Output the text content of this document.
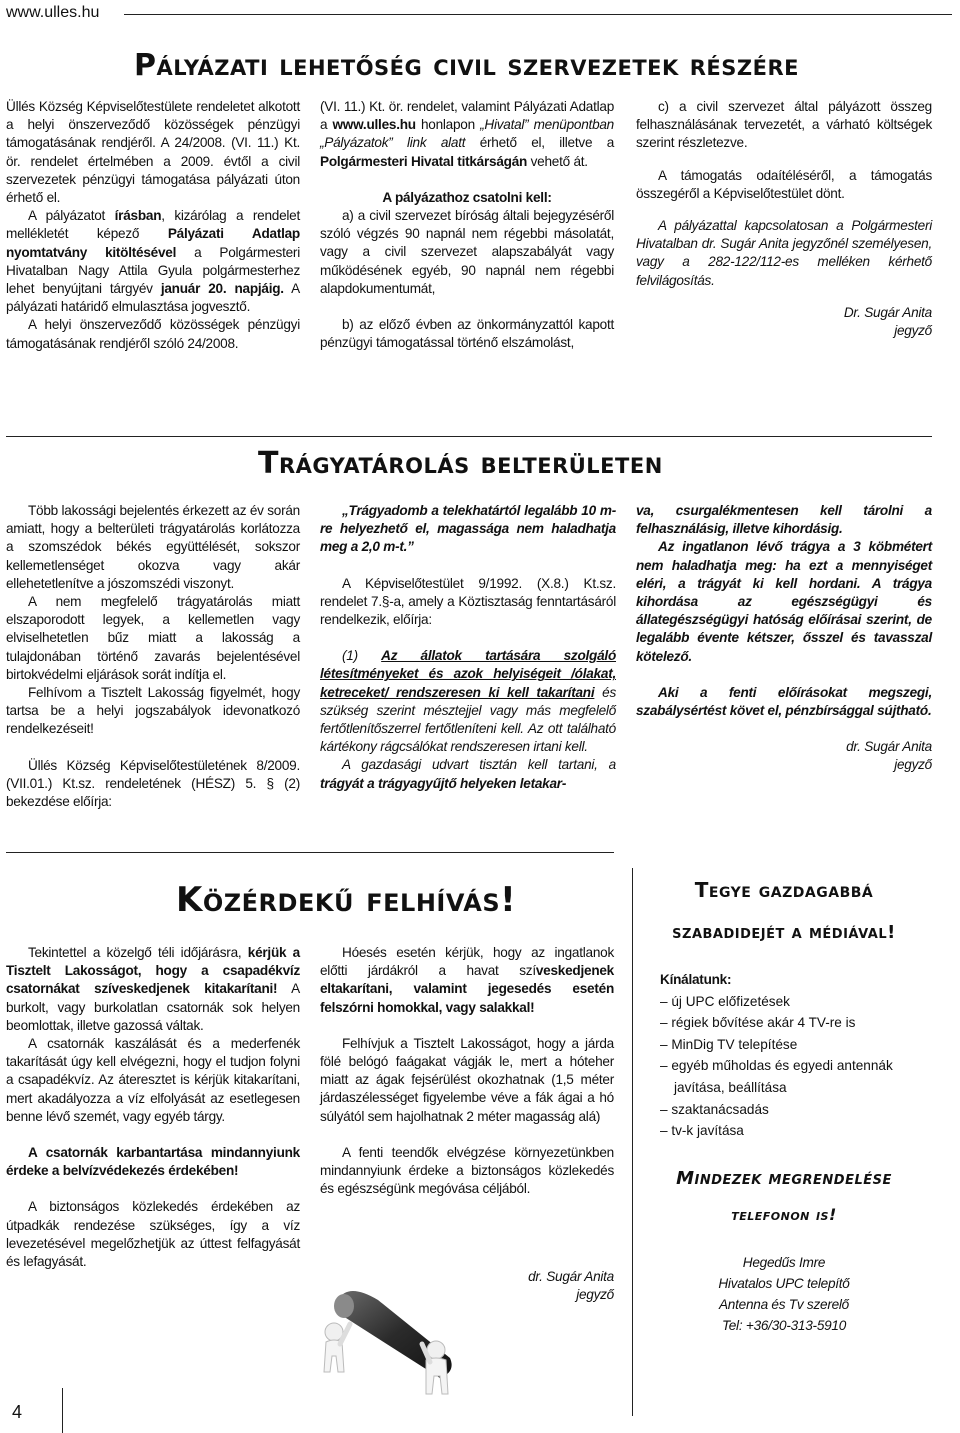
www.ulles.hu
Pályázati lehetőség civil szervezetek részére

Üllés Község Képviselőtestülete rendeletet alkotott a helyi önszerveződő közösségek pénzügyi támogatásának rendjéről. A 24/2008. (VI. 11.) Kt. ör. rendelet értelmében a 2009. évtől a civil szervezetek pénzügyi támogatása pályázati úton érhető el.

A pályázatot írásban, kizárólag a rendelet mellékletét képező Pályázati Adatlap nyomtatvány kitöltésével a Polgármesteri Hivatalban Nagy Attila Gyula polgármesterhez lehet benyújtani tárgyév január 20. napjáig. A pályázati határidő elmulasztása jogvesztő.

A helyi önszerveződő közösségek pénzügyi támogatásának rendjéről szóló 24/2008.

(VI. 11.) Kt. ör. rendelet, valamint Pályázati Adatlap a www.ulles.hu honlapon „Hivatal” menüpontban „Pályázatok” link alatt érhető el, illetve a Polgármesteri Hivatal titkárságán vehető át.

A pályázathoz csatolni kell:

a) a civil szervezet bíróság általi bejegyzéséről szóló végzés 90 napnál nem régebbi másolatát, vagy a civil szervezet alapszabályát vagy működésének egyéb, 90 napnál nem régebbi alapdokumentumát,

b) az előző évben az önkormányzattól kapott pénzügyi támogatással történő elszámolást,

c) a civil szervezet által pályázott összeg felhasználásának tervezetét, a várható költségek szerint részletezve.

A támogatás odaítéléséről, a támogatás összegéről a Képviselőtestület dönt.

A pályázattal kapcsolatosan a Polgármesteri Hivatalban dr. Sugár Anita jegyzőnél személyesen, vagy a 282-122/112-es melléken kérhető felvilágosítás.

Dr. Sugár Anita

jegyző

Trágyatárolás belterületen

Több lakossági bejelentés érkezett az év során amiatt, hogy a belterületi trágyatárolás korlátozza a szomszédok békés együttélését, sokszor kellemetlenséget okozva vagy akár ellehetetlenítve a jószomszédi viszonyt.

A nem megfelelő trágyatárolás miatt elszaporodott legyek, a kellemetlen vagy elviselhetetlen bűz miatt a lakosság a tulajdonában történő zavarás bejelentésével birtokvédelmi eljárások sorát indítja el.

Felhívom a Tisztelt Lakosság figyelmét, hogy tartsa be a helyi jogszabályok idevonatkozó rendelkezéseit!

Üllés Község Képviselőtestületének 8/2009. (VII.01.) Kt.sz. rendeletének (HÉSZ) 5. § (2) bekezdése előírja:

„Trágyadomb a telekhatártól legalább 10 m-re helyezhető el, magassága nem haladhatja meg a 2,0 m-t.”

A Képviselőtestület 9/1992. (X.8.) Kt.sz. rendelet 7.§-a, amely a Köztisztaság fenntartásáról rendelkezik, előírja:

(1) Az állatok tartására szolgáló létesítményeket és azok helyiségeit /ólakat, ketreceket/ rendszeresen ki kell takarítani és szükség szerint mésztejjel vagy más megfelelő fertőtlenítőszerrel fertőtleníteni kell. Az ott található kártékony rágcsálókat rendszeresen irtani kell.

A gazdasági udvart tisztán kell tartani, a trágyát a trágyagyűjtő helyeken letakar-

va, csurgalékmentesen kell tárolni a felhasználásig, illetve kihordásig.

Az ingatlanon lévő trágya a 3 köbmétert nem haladhatja meg: ha ezt a mennyiséget eléri, a trágyát ki kell hordani. A trágya kihordása az egészségügyi és állategészségügyi hatóság előírásai szerint, de legalább évente kétszer, ősszel és tavasszal kötelező.

Aki a fenti előírásokat megszegi, szabálysértést követ el, pénzbírsággal sújtható.

dr. Sugár Anita

jegyző

Közérdekű felhívás!

Tekintettel a közelgő téli időjárásra, kérjük a Tisztelt Lakosságot, hogy a csapadékvíz csatornákat szíveskedjenek kitakarítani! A burkolt, vagy burkolatlan csatornák sok helyen beomlottak, illetve gazossá váltak.

A csatornák kaszálását és a mederfenék takarítását úgy kell elvégezni, hogy el tudjon folyni a csapadékvíz. Az áteresztet is kérjük kitakarítani, mert akadályozza a víz elfolyását az esetlegesen benne lévő szemét, vagy egyéb tárgy.

A csatornák karbantartása mindannyiunk érdeke a belvízvédekezés érdekében!

A biztonságos közlekedés érdekében az útpadkák rendezése szükséges, így a víz levezetésével megelőzhetjük az úttest felfagyását és lefagyását.

Hóesés esetén kérjük, hogy az ingatlanok előtti járdákról a havat szíveskedjenek eltakarítani, valamint jegesedés esetén felszórni homokkal, vagy salakkal!

Felhívjuk a Tisztelt Lakosságot, hogy a járda fölé belógó faágakat vágják le, mert a hóteher miatt az ágak fejsérülést okozhatnak (1,5 méter járdaszélességet figyelembe véve a fák ágai a hó súlyától sem hajolhatnak 2 méter magasság alá)

A fenti teendők elvégzése környezetünkben mindannyiunk érdeke a biztonságos közlekedés és egészségünk megóvása céljából.

dr. Sugár Anita

jegyző

Tegye gazdagabbá
szabadidejét a médiával!

Kínálatunk:

– új UPC előfizetések
– régiek bővítése akár 4 TV-re is
– MinDig TV telepítése
– egyéb műholdas és egyedi antennák javítása, beállítása
– szaktanácsadás
– tv-k javítása
Mindezek megrendelése
telefonon is!

Hegedűs Imre

Hivatalos UPC telepítő

Antenna és Tv szerelő

Tel: +36/30-313-5910

4
